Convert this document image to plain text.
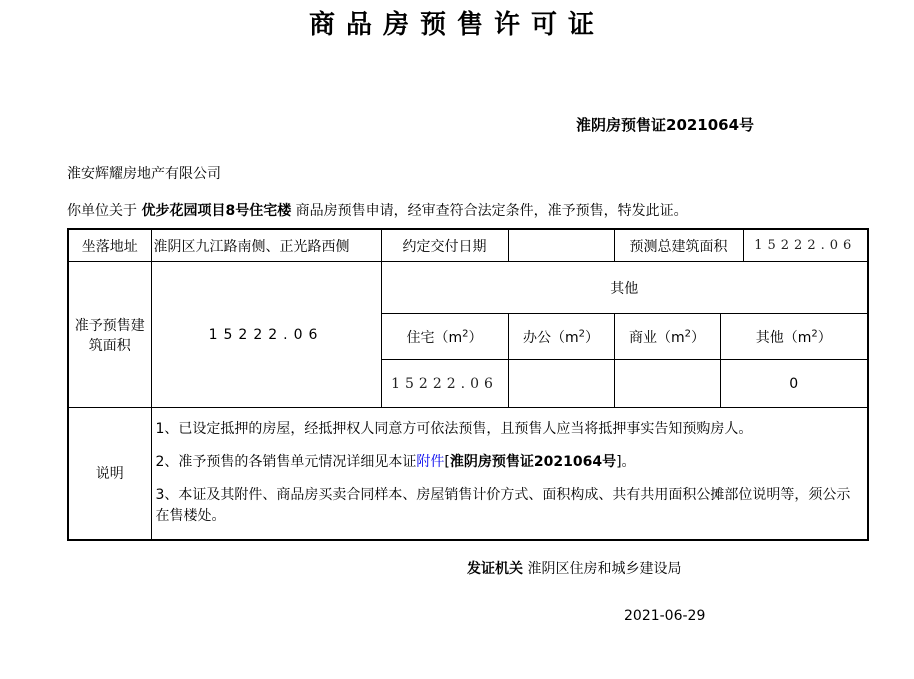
商品房预售许可证
淮阴房预售证2021064号
淮安辉耀房地产有限公司
你单位关于 优步花园项目8号住宅楼 商品房预售申请，经审查符合法定条件，准予预售，特发此证。
坐落地址	淮阴区九江路南侧、正光路西侧	约定交付日期		预测总建筑面积 15222.06	

准予预售建筑面积	15222.06	其他			
		住宅$(m^2)$	办公$(m^2)$	商业$(m^2)$	其他$(m^2)$
		15222.06			0
说明	1、已设定抵押的房屋，经抵押权人同意方可依法预售，且预售人应当将抵押事实告知预购房人。
2、准予预售的各销售单元情况详细见本证附件[淮阴房预售证2021064号]。
3、本证及其附件、商品房买卖合同样本、房屋销售计价方式、面积构成、共有共用面积公摊部位说明等，须公示在售楼处。				
发证机关 淮阴区住房和城乡建设局
2021-06-29
